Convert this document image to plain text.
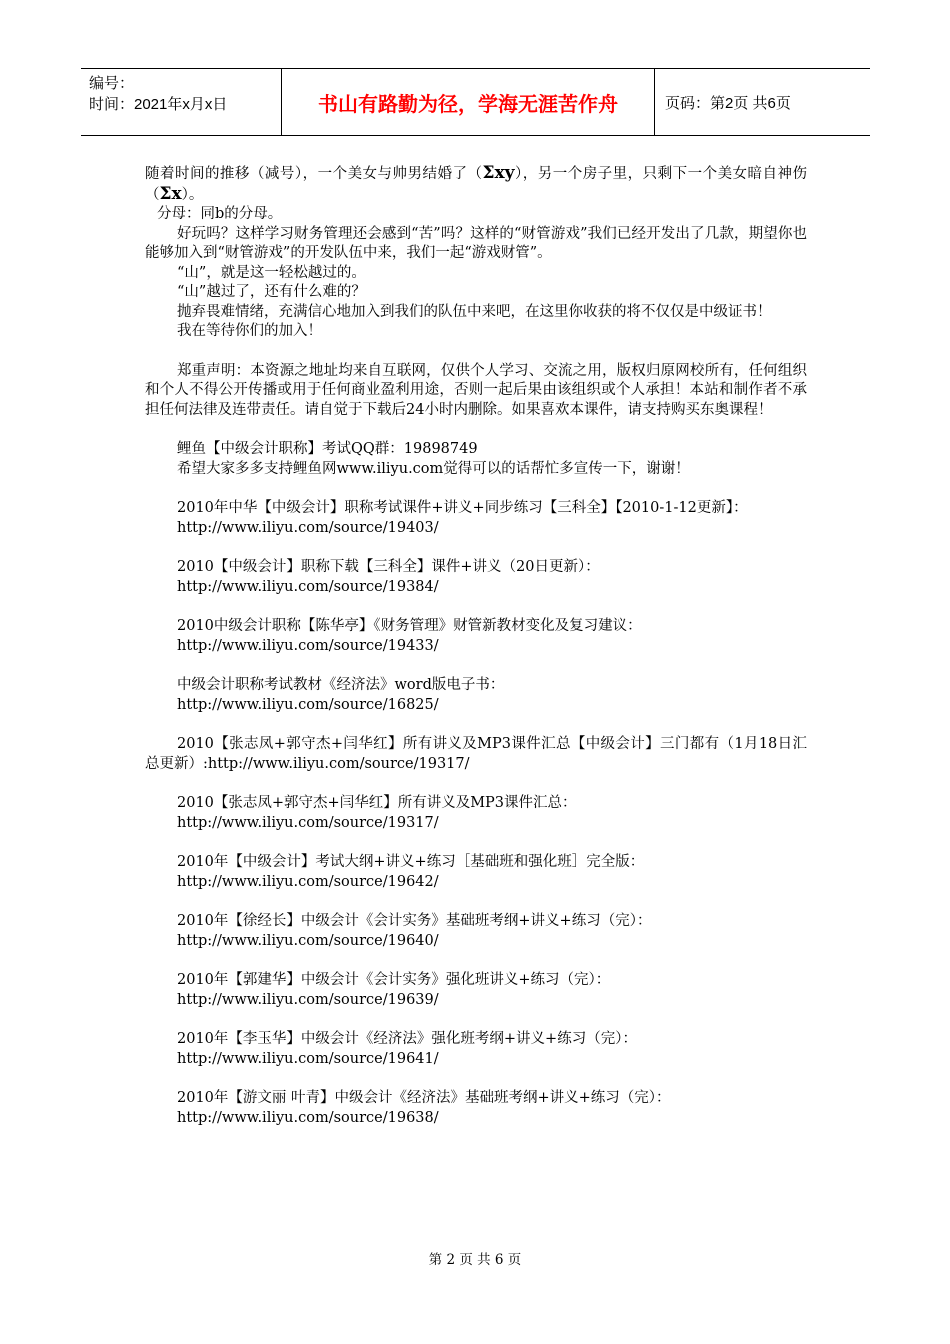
编号：
时间：2021年x月x日	书山有路勤为径，学海无涯苦作舟	页码：第2页 共6页

随着时间的推移（减号），一个美女与帅男结婚了（Σxy），另一个房子里，只剩下一个美女暗自神伤（Σx）。

分母：同b的分母。

好玩吗？这样学习财务管理还会感到“苦”吗？这样的“财管游戏”我们已经开发出了几款，期望你也能够加入到“财管游戏”的开发队伍中来，我们一起“游戏财管”。

“山”，就是这一轻松越过的。

“山”越过了，还有什么难的？

抛弃畏难情绪，充满信心地加入到我们的队伍中来吧，在这里你收获的将不仅仅是中级证书！

我在等待你们的加入！

郑重声明：本资源之地址均来自互联网，仅供个人学习、交流之用，版权归原网校所有，任何组织和个人不得公开传播或用于任何商业盈利用途，否则一起后果由该组织或个人承担！本站和制作者不承担任何法律及连带责任。请自觉于下载后24小时内删除。如果喜欢本课件，请支持购买东奥课程！

鲤鱼【中级会计职称】考试QQ群：19898749

希望大家多多支持鲤鱼网www.iliyu.com觉得可以的话帮忙多宣传一下，谢谢！

2010年中华【中级会计】职称考试课件+讲义+同步练习【三科全】【2010-1-12更新】：

http://www.iliyu.com/source/19403/

2010【中级会计】职称下载【三科全】课件+讲义（20日更新）：

http://www.iliyu.com/source/19384/

2010中级会计职称【陈华亭】《财务管理》财管新教材变化及复习建议：

http://www.iliyu.com/source/19433/

中级会计职称考试教材《经济法》word版电子书：

http://www.iliyu.com/source/16825/

2010【张志凤+郭守杰+闫华红】所有讲义及MP3课件汇总【中级会计】三门都有（1月18日汇总更新）:http://www.iliyu.com/source/19317/

2010【张志凤+郭守杰+闫华红】所有讲义及MP3课件汇总：

http://www.iliyu.com/source/19317/

2010年【中级会计】考试大纲+讲义+练习［基础班和强化班］完全版：

http://www.iliyu.com/source/19642/

2010年【徐经长】中级会计《会计实务》基础班考纲+讲义+练习（完）：

http://www.iliyu.com/source/19640/

2010年【郭建华】中级会计《会计实务》强化班讲义+练习（完）：

http://www.iliyu.com/source/19639/

2010年【李玉华】中级会计《经济法》强化班考纲+讲义+练习（完）：

http://www.iliyu.com/source/19641/

2010年【游文丽 叶青】中级会计《经济法》基础班考纲+讲义+练习（完）：

http://www.iliyu.com/source/19638/

第 2 页 共 6 页
